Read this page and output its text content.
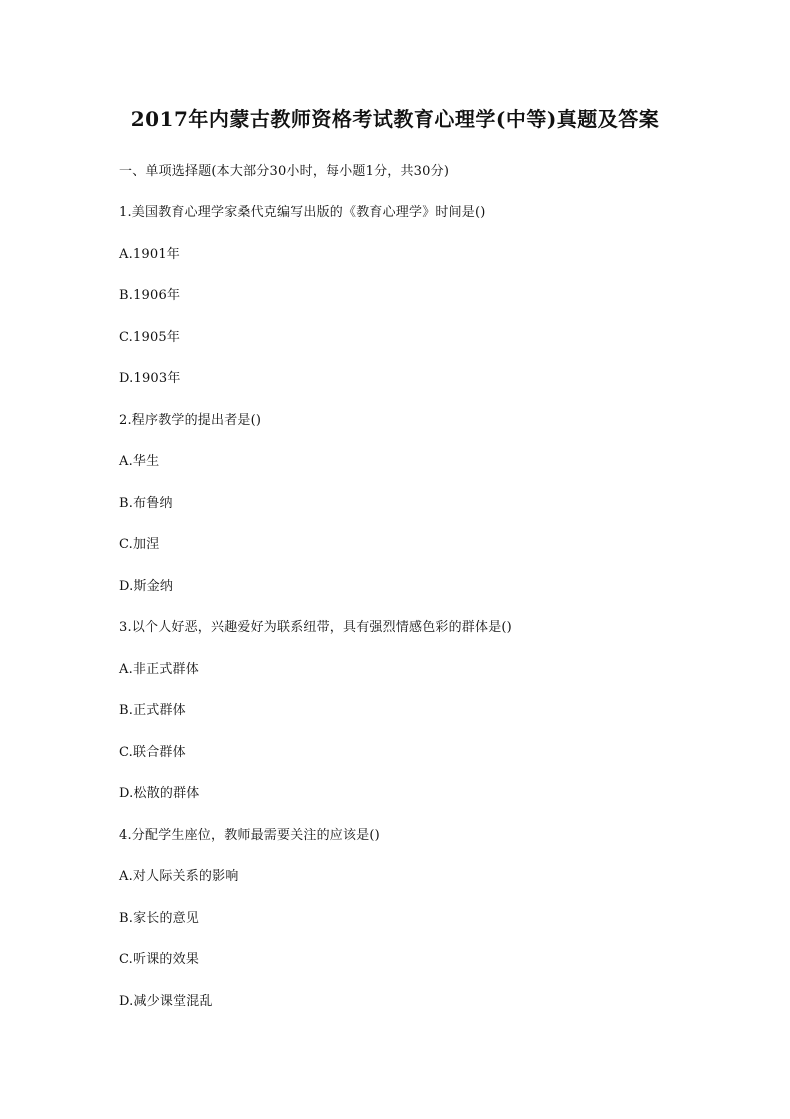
2017年内蒙古教师资格考试教育心理学(中等)真题及答案
一、单项选择题(本大部分30小时，每小题1分，共30分)
1.美国教育心理学家桑代克编写出版的《教育心理学》时间是()
A.1901年
B.1906年
C.1905年
D.1903年
2.程序教学的提出者是()
A.华生
B.布鲁纳
C.加涅
D.斯金纳
3.以个人好恶，兴趣爱好为联系纽带，具有强烈情感色彩的群体是()
A.非正式群体
B.正式群体
C.联合群体
D.松散的群体
4.分配学生座位，教师最需要关注的应该是()
A.对人际关系的影响
B.家长的意见
C.听课的效果
D.减少课堂混乱
